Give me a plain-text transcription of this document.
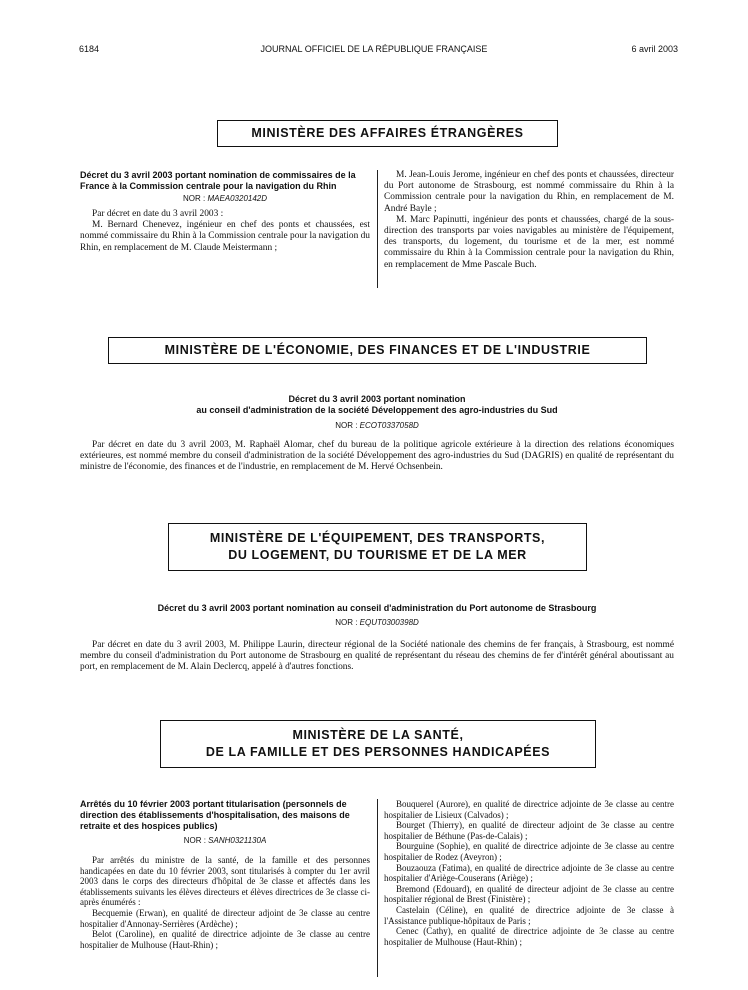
6184	JOURNAL OFFICIEL DE LA RÉPUBLIQUE FRANÇAISE	6 avril 2003
MINISTÈRE DES AFFAIRES ÉTRANGÈRES
Décret du 3 avril 2003 portant nomination de commissaires de la France à la Commission centrale pour la navigation du Rhin
NOR : MAEA0320142D

Par décret en date du 3 avril 2003 :

M. Bernard Chenevez, ingénieur en chef des ponts et chaussées, est nommé commissaire du Rhin à la Commission centrale pour la navigation du Rhin, en remplacement de M. Claude Meistermann ;

M. Jean-Louis Jerome, ingénieur en chef des ponts et chaussées, directeur du Port autonome de Strasbourg, est nommé commissaire du Rhin à la Commission centrale pour la navigation du Rhin, en remplacement de M. André Bayle ;

M. Marc Papinutti, ingénieur des ponts et chaussées, chargé de la sous-direction des transports par voies navigables au ministère de l'équipement, des transports, du logement, du tourisme et de la mer, est nommé commissaire du Rhin à la Commission centrale pour la navigation du Rhin, en remplacement de Mme Pascale Buch.

MINISTÈRE DE L'ÉCONOMIE, DES FINANCES ET DE L'INDUSTRIE
Décret du 3 avril 2003 portant nomination
au conseil d'administration de la société Développement des agro-industries du Sud
NOR : ECOT0337058D

Par décret en date du 3 avril 2003, M. Raphaël Alomar, chef du bureau de la politique agricole extérieure à la direction des relations économiques extérieures, est nommé membre du conseil d'administration de la société Développement des agro-industries du Sud (DAGRIS) en qualité de représentant du ministre de l'économie, des finances et de l'industrie, en remplacement de M. Hervé Ochsenbein.

MINISTÈRE DE L'ÉQUIPEMENT, DES TRANSPORTS,
DU LOGEMENT, DU TOURISME ET DE LA MER
Décret du 3 avril 2003 portant nomination au conseil d'administration du Port autonome de Strasbourg
NOR : EQUT0300398D

Par décret en date du 3 avril 2003, M. Philippe Laurin, directeur régional de la Société nationale des chemins de fer français, à Strasbourg, est nommé membre du conseil d'administration du Port autonome de Strasbourg en qualité de représentant du réseau des chemins de fer d'intérêt général aboutissant au port, en remplacement de M. Alain Declercq, appelé à d'autres fonctions.

MINISTÈRE DE LA SANTÉ,
DE LA FAMILLE ET DES PERSONNES HANDICAPÉES
Arrêtés du 10 février 2003 portant titularisation (personnels de direction des établissements d'hospitalisation, des maisons de retraite et des hospices publics)
NOR : SANH0321130A

Par arrêtés du ministre de la santé, de la famille et des personnes handicapées en date du 10 février 2003, sont titularisés à compter du 1er avril 2003 dans le corps des directeurs d'hôpital de 3e classe et affectés dans les établissements suivants les élèves directeurs et élèves directrices de 3e classe ci-après énumérés :

Becquemie (Erwan), en qualité de directeur adjoint de 3e classe au centre hospitalier d'Annonay-Serrières (Ardèche) ;

Belot (Caroline), en qualité de directrice adjointe de 3e classe au centre hospitalier de Mulhouse (Haut-Rhin) ;

Bouquerel (Aurore), en qualité de directrice adjointe de 3e classe au centre hospitalier de Lisieux (Calvados) ;

Bourget (Thierry), en qualité de directeur adjoint de 3e classe au centre hospitalier de Béthune (Pas-de-Calais) ;

Bourguine (Sophie), en qualité de directrice adjointe de 3e classe au centre hospitalier de Rodez (Aveyron) ;

Bouzaouza (Fatima), en qualité de directrice adjointe de 3e classe au centre hospitalier d'Ariège-Couserans (Ariège) ;

Bremond (Edouard), en qualité de directeur adjoint de 3e classe au centre hospitalier régional de Brest (Finistère) ;

Castelain (Céline), en qualité de directrice adjointe de 3e classe à l'Assistance publique-hôpitaux de Paris ;

Cenec (Cathy), en qualité de directrice adjointe de 3e classe au centre hospitalier de Mulhouse (Haut-Rhin) ;
